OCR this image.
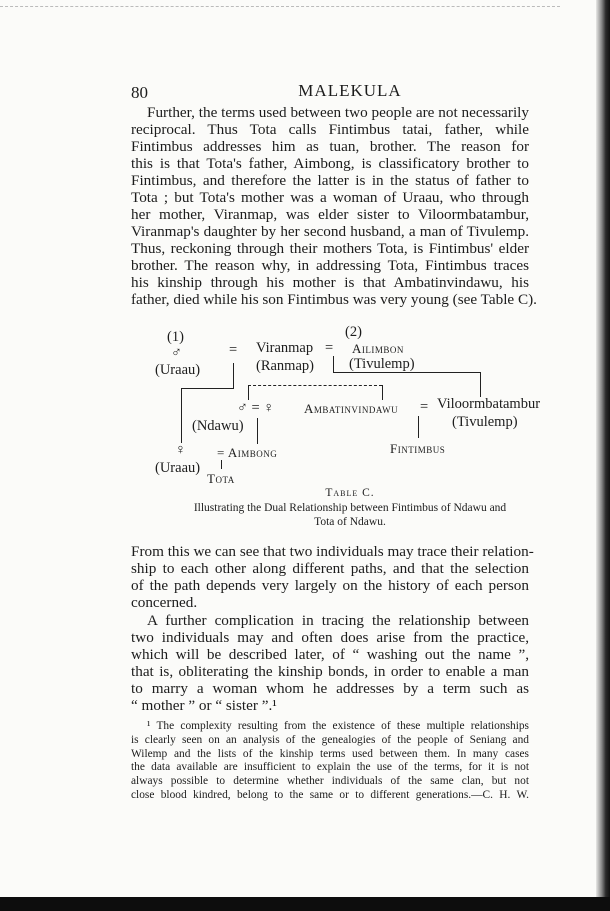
80	MALEKULA
Further, the terms used between two people are not necessarily
reciprocal. Thus Tota calls Fintimbus tatai, father, while
Fintimbus addresses him as tuan, brother. The reason for
this is that Tota's father, Aimbong, is classificatory brother to
Fintimbus, and therefore the latter is in the status of father to
Tota ; but Tota's mother was a woman of Uraau, who through
her mother, Viranmap, was elder sister to Viloormbatambur,
Viranmap's daughter by her second husband, a man of Tivulemp.
Thus, reckoning through their mothers Tota, is Fintimbus' elder
brother. The reason why, in addressing Tota, Fintimbus traces
his kinship through his mother is that Ambatinvindawu, his
father, died while his son Fintimbus was very young (see Table C).
(1)
♂
(Uraau)
= Viranmap
(Ranmap)
=
(2)
Ailimbon
(Tivulemp)
♂ = ♀
(Ndawu)
Ambatinvindawu = Viloormbatambur
(Tivulemp)
Fintimbus
♀
(Uraau)
= Aimbong
Tota
Table C.
Illustrating the Dual Relationship between Fintimbus of Ndawu and
Tota of Ndawu.
From this we can see that two individuals may trace their relation-
ship to each other along different paths, and that the selection
of the path depends very largely on the history of each person
concerned.
A further complication in tracing the relationship between
two individuals may and often does arise from the practice,
which will be described later, of “ washing out the name ”,
that is, obliterating the kinship bonds, in order to enable a man
to marry a woman whom he addresses by a term such as
“ mother ” or “ sister ”.¹
¹ The complexity resulting from the existence of these multiple relationships
is clearly seen on an analysis of the genealogies of the people of Seniang and
Wilemp and the lists of the kinship terms used between them. In many cases
the data available are insufficient to explain the use of the terms, for it is not
always possible to determine whether individuals of the same clan, but not
close blood kindred, belong to the same or to different generations.—C. H. W.
